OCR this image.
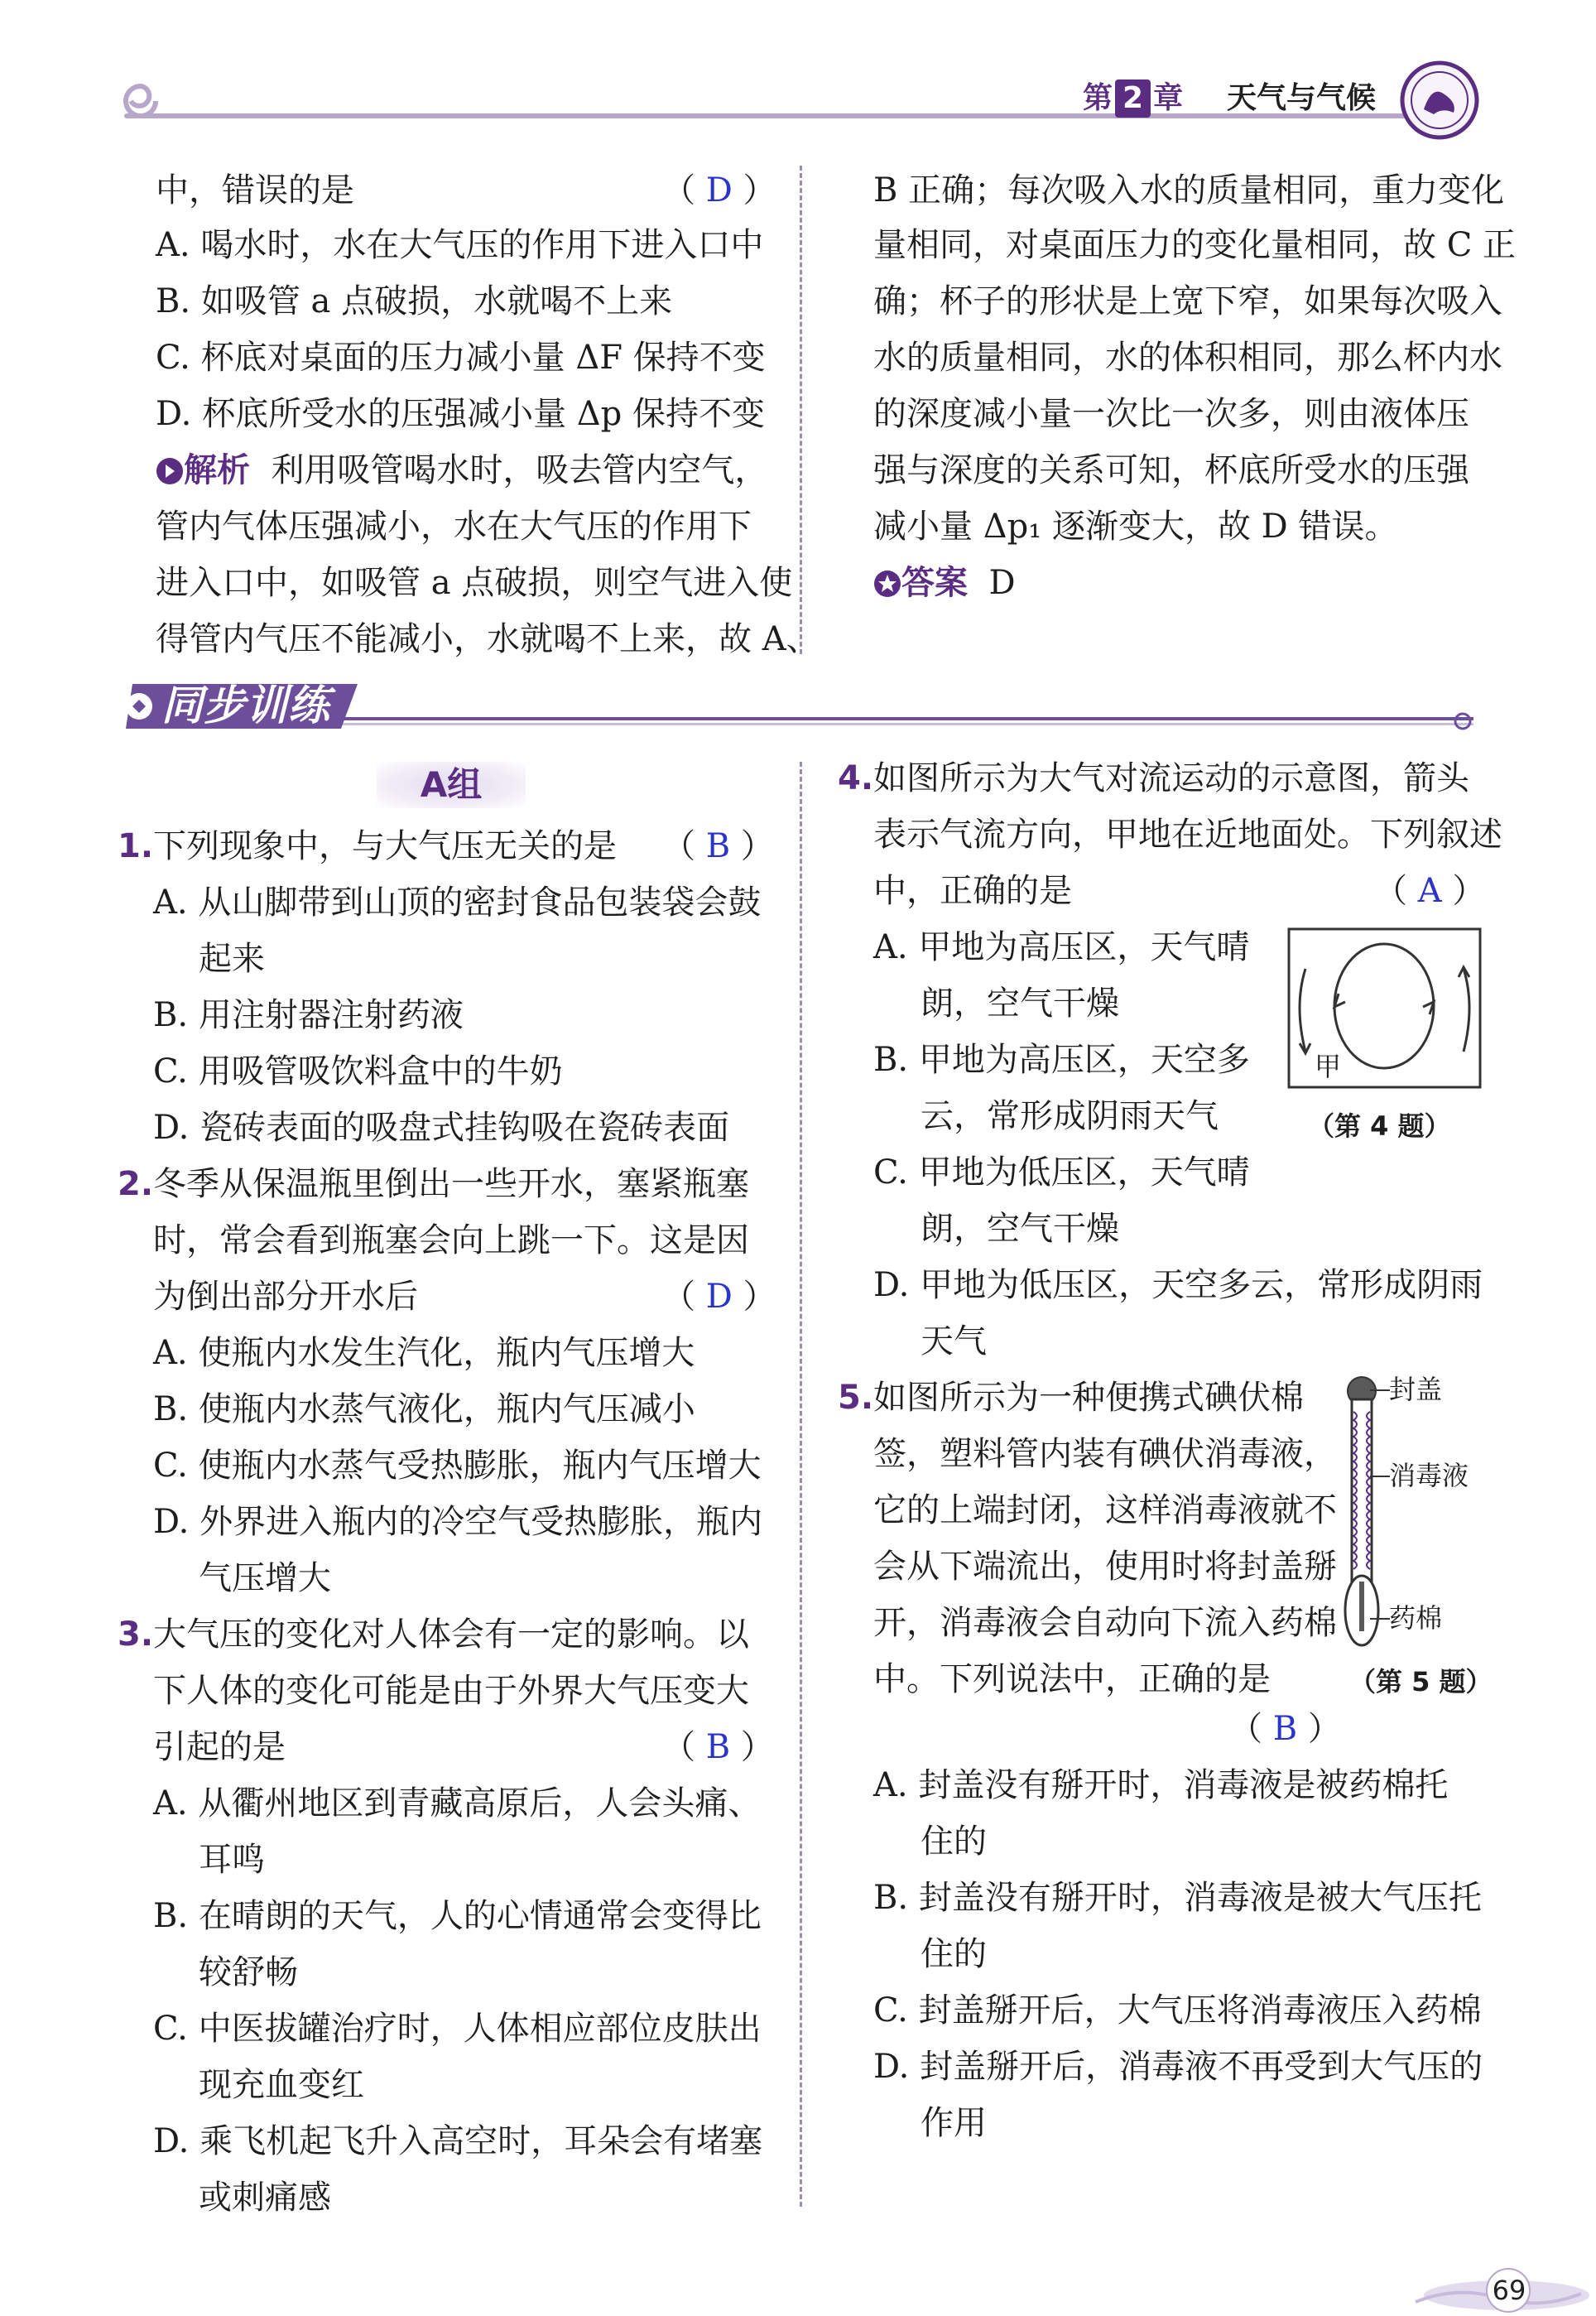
第 2 章 天气与气候
中，错误的是	（ D ）
A. 喝水时，水在大气压的作用下进入口中
B. 如吸管 a 点破损，水就喝不上来
C. 杯底对桌面的压力减小量 ΔF 保持不变
D. 杯底所受水的压强减小量 Δp 保持不变
解析 利用吸管喝水时，吸去管内空气，
管内气体压强减小，水在大气压的作用下
进入口中，如吸管 a 点破损，则空气进入使
得管内气压不能减小，水就喝不上来，故 A、
B 正确；每次吸入水的质量相同，重力变化
量相同，对桌面压力的变化量相同，故 C 正
确；杯子的形状是上宽下窄，如果每次吸入
水的质量相同，水的体积相同，那么杯内水
的深度减小量一次比一次多，则由液体压
强与深度的关系可知，杯底所受水的压强
减小量 Δp₁ 逐渐变大，故 D 错误。
答案 D
同步训练
A组
1.下列现象中，与大气压无关的是 （ B ）
A. 从山脚带到山顶的密封食品包装袋会鼓
起来
B. 用注射器注射药液
C. 用吸管吸饮料盒中的牛奶
D. 瓷砖表面的吸盘式挂钩吸在瓷砖表面
2.冬季从保温瓶里倒出一些开水，塞紧瓶塞
时，常会看到瓶塞会向上跳一下。这是因
为倒出部分开水后	（ D ）
A. 使瓶内水发生汽化，瓶内气压增大
B. 使瓶内水蒸气液化，瓶内气压减小
C. 使瓶内水蒸气受热膨胀，瓶内气压增大
D. 外界进入瓶内的冷空气受热膨胀，瓶内
气压增大
3.大气压的变化对人体会有一定的影响。以
下人体的变化可能是由于外界大气压变大
引起的是	（ B ）
A. 从衢州地区到青藏高原后，人会头痛、
耳鸣
B. 在晴朗的天气，人的心情通常会变得比
较舒畅
C. 中医拔罐治疗时，人体相应部位皮肤出
现充血变红
D. 乘飞机起飞升入高空时，耳朵会有堵塞
或刺痛感
4.如图所示为大气对流运动的示意图，箭头
表示气流方向，甲地在近地面处。下列叙述
中，正确的是	（ A ）
A. 甲地为高压区，天气晴
朗，空气干燥
B. 甲地为高压区，天空多
云，常形成阴雨天气
C. 甲地为低压区，天气晴
朗，空气干燥
D. 甲地为低压区，天空多云，常形成阴雨
天气
甲
（第 4 题）
5.如图所示为一种便携式碘伏棉
签，塑料管内装有碘伏消毒液，
它的上端封闭，这样消毒液就不
会从下端流出，使用时将封盖掰
开，消毒液会自动向下流入药棉
中。下列说法中，正确的是
（ B ）
封盖
消毒液
药棉
（第 5 题）
A. 封盖没有掰开时，消毒液是被药棉托
住的
B. 封盖没有掰开时，消毒液是被大气压托
住的
C. 封盖掰开后，大气压将消毒液压入药棉
D. 封盖掰开后，消毒液不再受到大气压的
作用
69
